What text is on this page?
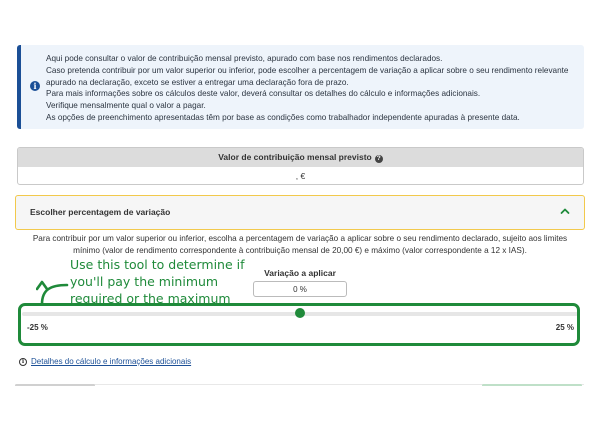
i
Aqui pode consultar o valor de contribuição mensal previsto, apurado com base nos rendimentos declarados.
Caso pretenda contribuir por um valor superior ou inferior, pode escolher a percentagem de variação a aplicar sobre o seu rendimento relevante
apurado na declaração, exceto se estiver a entregar uma declaração fora de prazo.
Para mais informações sobre os cálculos deste valor, deverá consultar os detalhes do cálculo e informações adicionais.
Verifique mensalmente qual o valor a pagar.
As opções de preenchimento apresentadas têm por base as condições como trabalhador independente apuradas à presente data.
Valor de contribuição mensal previsto ?
, €
Escolher percentagem de variação
Para contribuir por um valor superior ou inferior, escolha a percentagem de variação a aplicar sobre o seu rendimento declarado, sujeito aos limites
mínimo (valor de rendimento correspondente à contribuição mensal de 20,00 €) e máximo (valor correspondente a 12 x IAS).
Variação a aplicar
0 %
-25 %	25 %
Use this tool to determine if
you'll pay the minimum
required or the maximum
i Detalhes do cálculo e informações adicionais
